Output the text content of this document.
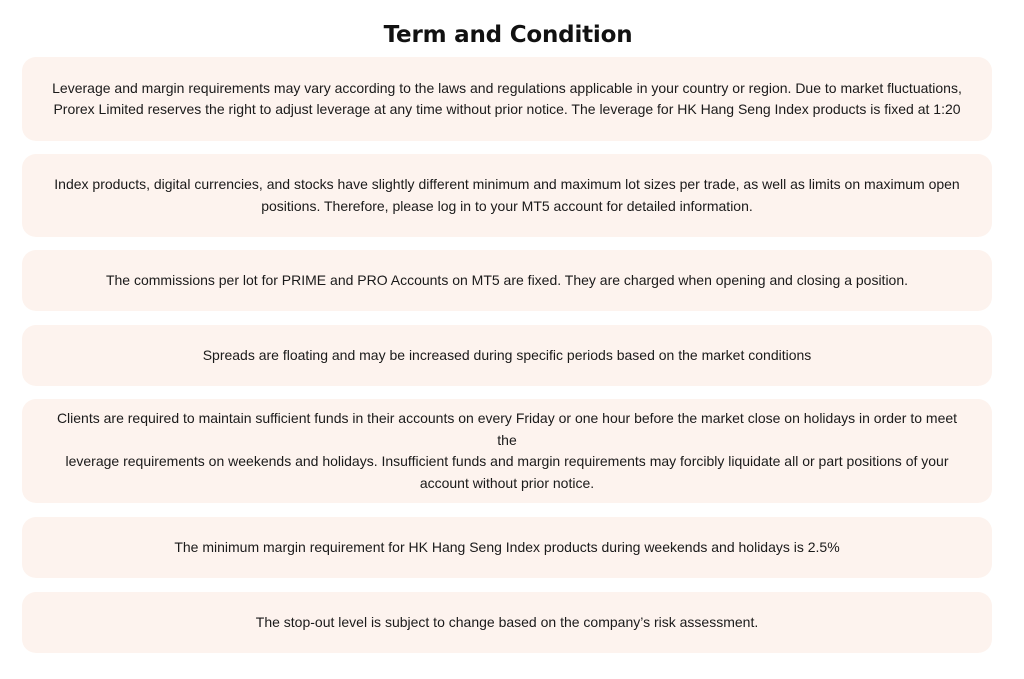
Term and Condition

Leverage and margin requirements may vary according to the laws and regulations applicable in your country or region. Due to market fluctuations,
Prorex Limited reserves the right to adjust leverage at any time without prior notice. The leverage for HK Hang Seng Index products is fixed at 1:20

Index products, digital currencies, and stocks have slightly different minimum and maximum lot sizes per trade, as well as limits on maximum open
positions. Therefore, please log in to your MT5 account for detailed information.

The commissions per lot for PRIME and PRO Accounts on MT5 are fixed. They are charged when opening and closing a position.

Spreads are floating and may be increased during specific periods based on the market conditions

Clients are required to maintain sufficient funds in their accounts on every Friday or one hour before the market close on holidays in order to meet the
leverage requirements on weekends and holidays. Insufficient funds and margin requirements may forcibly liquidate all or part positions of your
account without prior notice.

The minimum margin requirement for HK Hang Seng Index products during weekends and holidays is 2.5%

The stop-out level is subject to change based on the company’s risk assessment.
